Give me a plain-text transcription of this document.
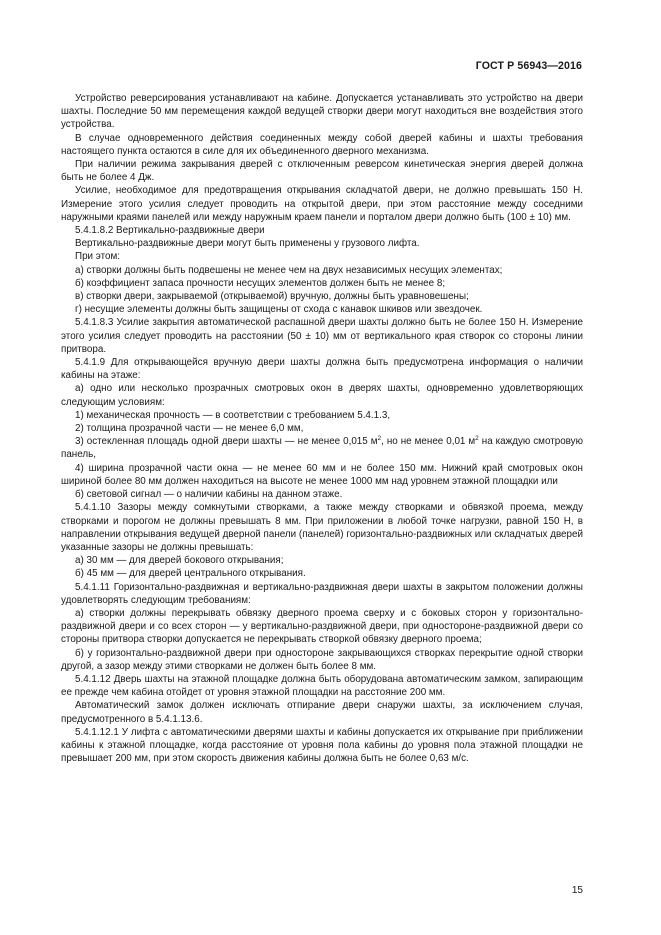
ГОСТ Р 56943—2016

Устройство реверсирования устанавливают на кабине. Допускается устанавливать это устройство на двери шахты. Последние 50 мм перемещения каждой ведущей створки двери могут находиться вне воздействия этого устройства.

В случае одновременного действия соединенных между собой дверей кабины и шахты требования настоящего пункта остаются в силе для их объединенного дверного механизма.

При наличии режима закрывания дверей с отключенным реверсом кинетическая энергия дверей должна быть не более 4 Дж.

Усилие, необходимое для предотвращения открывания складчатой двери, не должно превышать 150 Н. Измерение этого усилия следует проводить на открытой двери, при этом расстояние между соседними наружными краями панелей или между наружным краем панели и порталом двери должно быть (100 ± 10) мм.

5.4.1.8.2 Вертикально-раздвижные двери

Вертикально-раздвижные двери могут быть применены у грузового лифта.

При этом:

а) створки должны быть подвешены не менее чем на двух независимых несущих элементах;

б) коэффициент запаса прочности несущих элементов должен быть не менее 8;

в) створки двери, закрываемой (открываемой) вручную, должны быть уравновешены;

г) несущие элементы должны быть защищены от схода с канавок шкивов или звездочек.

5.4.1.8.3 Усилие закрытия автоматической распашной двери шахты должно быть не более 150 Н. Измерение этого усилия следует проводить на расстоянии (50 ± 10) мм от вертикального края створок со стороны линии притвора.

5.4.1.9 Для открывающейся вручную двери шахты должна быть предусмотрена информация о наличии кабины на этаже:

а) одно или несколько прозрачных смотровых окон в дверях шахты, одновременно удовлетворяющих следующим условиям:

1) механическая прочность — в соответствии с требованием 5.4.1.3,

2) толщина прозрачной части — не менее 6,0 мм,

3) остекленная площадь одной двери шахты — не менее 0,015 $м^2$, но не менее 0,01 $м^2$ на каждую смотровую панель,

4) ширина прозрачной части окна — не менее 60 мм и не более 150 мм. Нижний край смотровых окон шириной более 80 мм должен находиться на высоте не менее 1000 мм над уровнем этажной площадки или

б) световой сигнал — о наличии кабины на данном этаже.

5.4.1.10 Зазоры между сомкнутыми створками, а также между створками и обвязкой проема, между створками и порогом не должны превышать 8 мм. При приложении в любой точке нагрузки, равной 150 Н, в направлении открывания ведущей дверной панели (панелей) горизонтально-раздвижных или складчатых дверей указанные зазоры не должны превышать:

а) 30 мм — для дверей бокового открывания;

б) 45 мм — для дверей центрального открывания.

5.4.1.11 Горизонтально-раздвижная и вертикально-раздвижная двери шахты в закрытом положении должны удовлетворять следующим требованиям:

а) створки должны перекрывать обвязку дверного проема сверху и с боковых сторон у горизонтально-раздвижной двери и со всех сторон — у вертикально-раздвижной двери, при одностороне-раздвижной двери со стороны притвора створки допускается не перекрывать створкой обвязку дверного проема;

б) у горизонтально-раздвижной двери при одностороне закрывающихся створках перекрытие одной створки другой, а зазор между этими створками не должен быть более 8 мм.

5.4.1.12 Дверь шахты на этажной площадке должна быть оборудована автоматическим замком, запирающим ее прежде чем кабина отойдет от уровня этажной площадки на расстояние 200 мм.

Автоматический замок должен исключать отпирание двери снаружи шахты, за исключением случая, предусмотренного в 5.4.1.13.6.

5.4.1.12.1 У лифта с автоматическими дверями шахты и кабины допускается их открывание при приближении кабины к этажной площадке, когда расстояние от уровня пола кабины до уровня пола этажной площадки не превышает 200 мм, при этом скорость движения кабины должна быть не более 0,63 м/с.

15
